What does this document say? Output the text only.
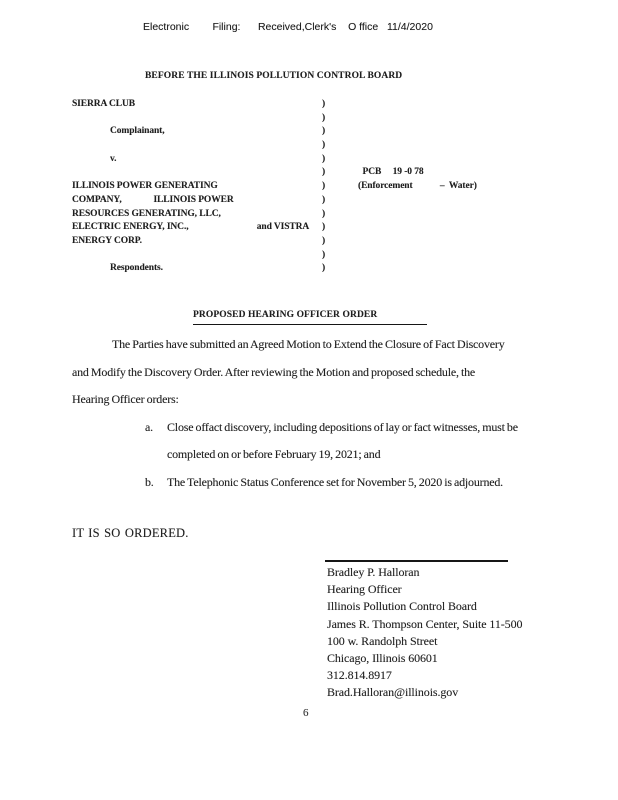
Electronic        Filing:      Received,Clerk's    O ffice   11/4/2020
BEFORE THE ILLINOIS POLLUTION CONTROL BOARD
SIERRA CLUB	)
)
Complainant,	)
)
v.	)
)	PCB     19 -0 78
ILLINOIS POWER GENERATING	)	(Enforcement            –  Water)
COMPANY,              ILLINOIS POWER	)
RESOURCES GENERATING, LLC,	)
ELECTRIC ENERGY, INC.,                              and VISTRA	)
ENERGY CORP.	)
)
Respondents.	)
PROPOSED HEARING OFFICER ORDER
The Parties have submitted an Agreed Motion to Extend the Closure of Fact Discovery
and Modify the Discovery Order. After reviewing the Motion and proposed schedule, the
Hearing Officer orders:
a.	Close offact discovery, including depositions of lay or fact witnesses, must be
completed on or before February 19, 2021; and
b.	The Telephonic Status Conference set for November 5, 2020 is adjourned.
IT IS SO ORDERED.
Bradley P. Halloran
Hearing Officer
Illinois Pollution Control Board
James R. Thompson Center, Suite 11-500
100 w. Randolph Street
Chicago, Illinois 60601
312.814.8917
Brad.Halloran@illinois.gov
6
